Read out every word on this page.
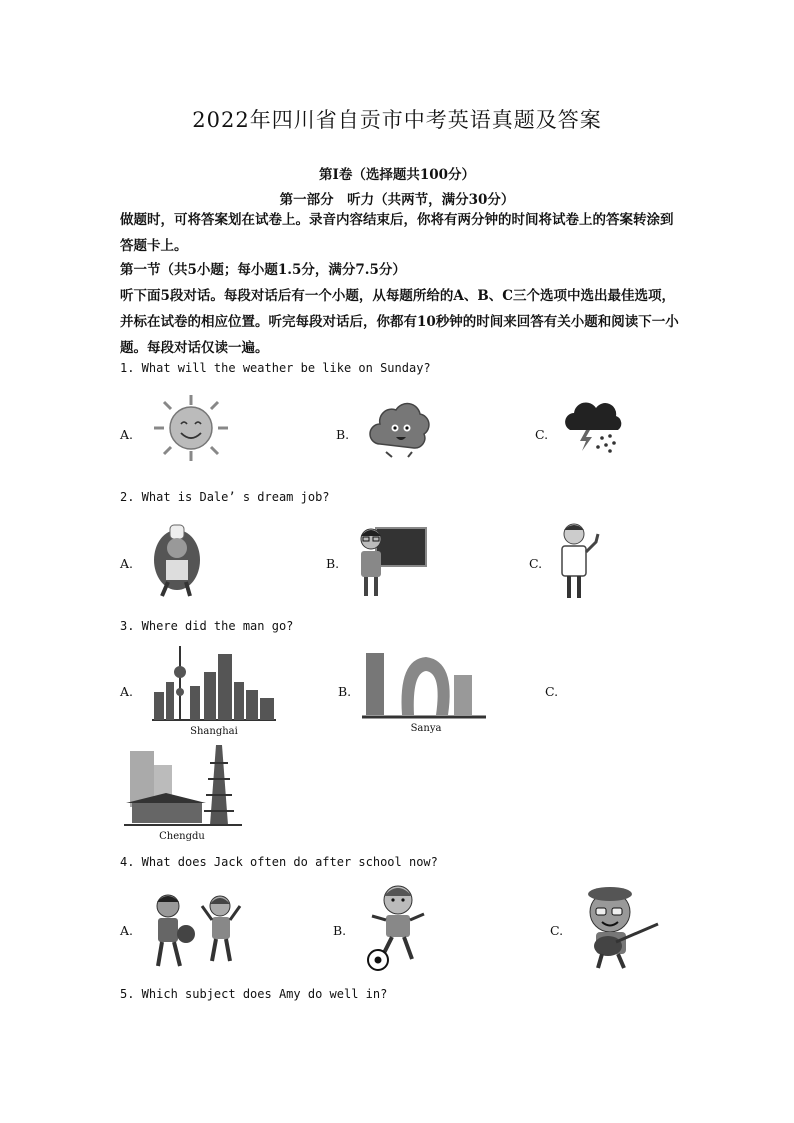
2022年四川省自贡市中考英语真题及答案
第Ⅰ卷（选择题共100分）
第一部分　听力（共两节，满分30分）
做题时，可将答案划在试卷上。录音内容结束后，你将有两分钟的时间将试卷上的答案转涂到答题卡上。
第一节（共5小题；每小题1.5分，满分7.5分）
听下面5段对话。每段对话后有一个小题，从每题所给的A、B、C三个选项中选出最佳选项，并标在试卷的相应位置。听完每段对话后，你都有10秒钟的时间来回答有关小题和阅读下一小题。每段对话仅读一遍。
1. What will the weather be like on Sunday?
A.	B.	C.
2. What is Dale’ s dream job?
A.	B.	C.
3. Where did the man go?
A.
Shanghai
B.
Sanya
C.
Chengdu
4. What does Jack often do after school now?
A.	B.	C.
5. Which subject does Amy do well in?
